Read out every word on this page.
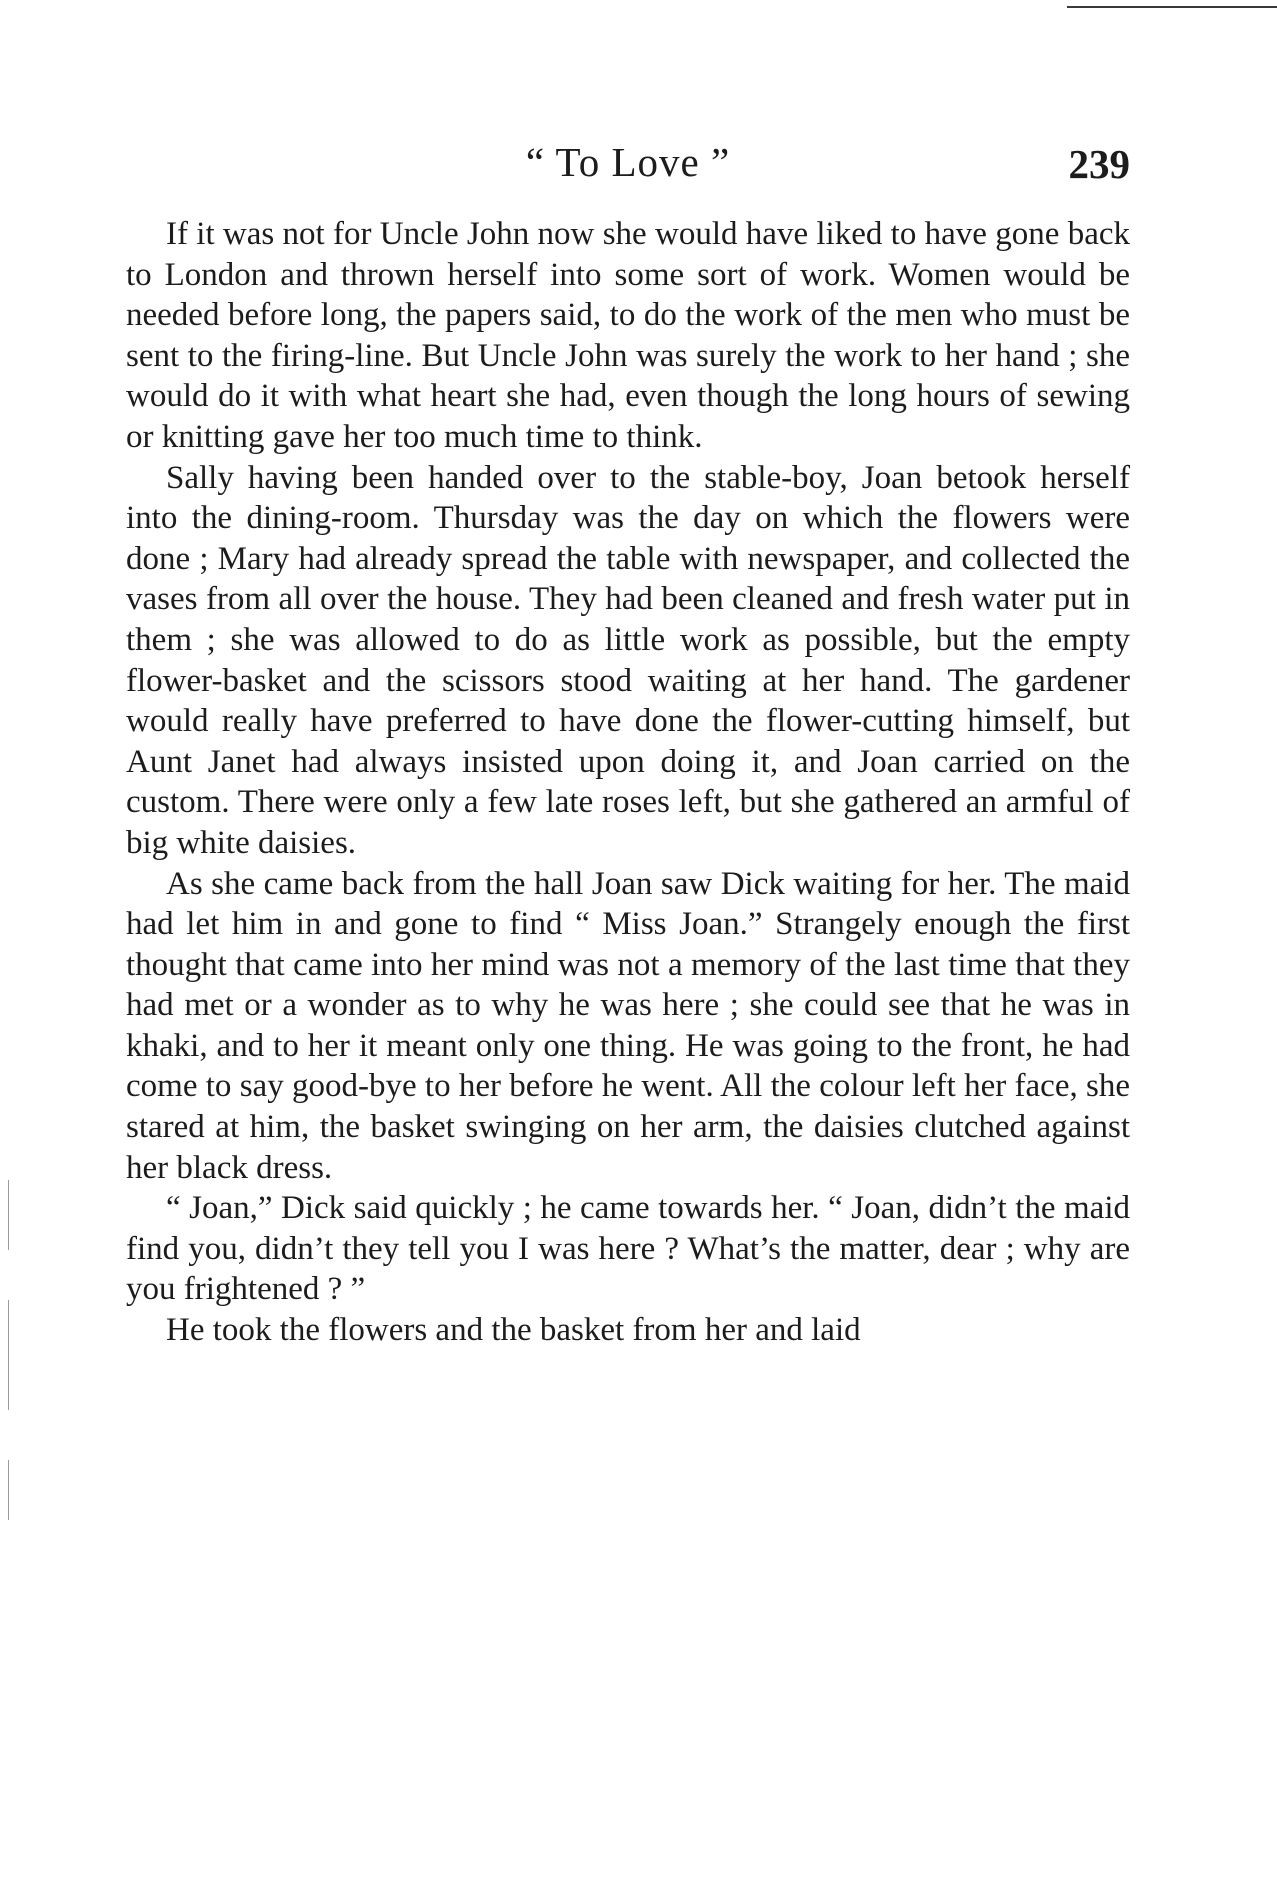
“ To Love ”	239

If it was not for Uncle John now she would have liked to have gone back to London and thrown herself into some sort of work. Women would be needed before long, the papers said, to do the work of the men who must be sent to the firing-line. But Uncle John was surely the work to her hand ; she would do it with what heart she had, even though the long hours of sewing or knitting gave her too much time to think.

Sally having been handed over to the stable-boy, Joan betook herself into the dining-room. Thursday was the day on which the flowers were done ; Mary had already spread the table with newspaper, and collected the vases from all over the house. They had been cleaned and fresh water put in them ; she was allowed to do as little work as possible, but the empty flower-basket and the scissors stood waiting at her hand. The gardener would really have preferred to have done the flower-cutting himself, but Aunt Janet had always insisted upon doing it, and Joan carried on the custom. There were only a few late roses left, but she gathered an armful of big white daisies.

As she came back from the hall Joan saw Dick waiting for her. The maid had let him in and gone to find “ Miss Joan.” Strangely enough the first thought that came into her mind was not a memory of the last time that they had met or a wonder as to why he was here ; she could see that he was in khaki, and to her it meant only one thing. He was going to the front, he had come to say good-bye to her before he went. All the colour left her face, she stared at him, the basket swinging on her arm, the daisies clutched against her black dress.

“ Joan,” Dick said quickly ; he came towards her. “ Joan, didn’t the maid find you, didn’t they tell you I was here ? What’s the matter, dear ; why are you frightened ? ”

He took the flowers and the basket from her and laid
